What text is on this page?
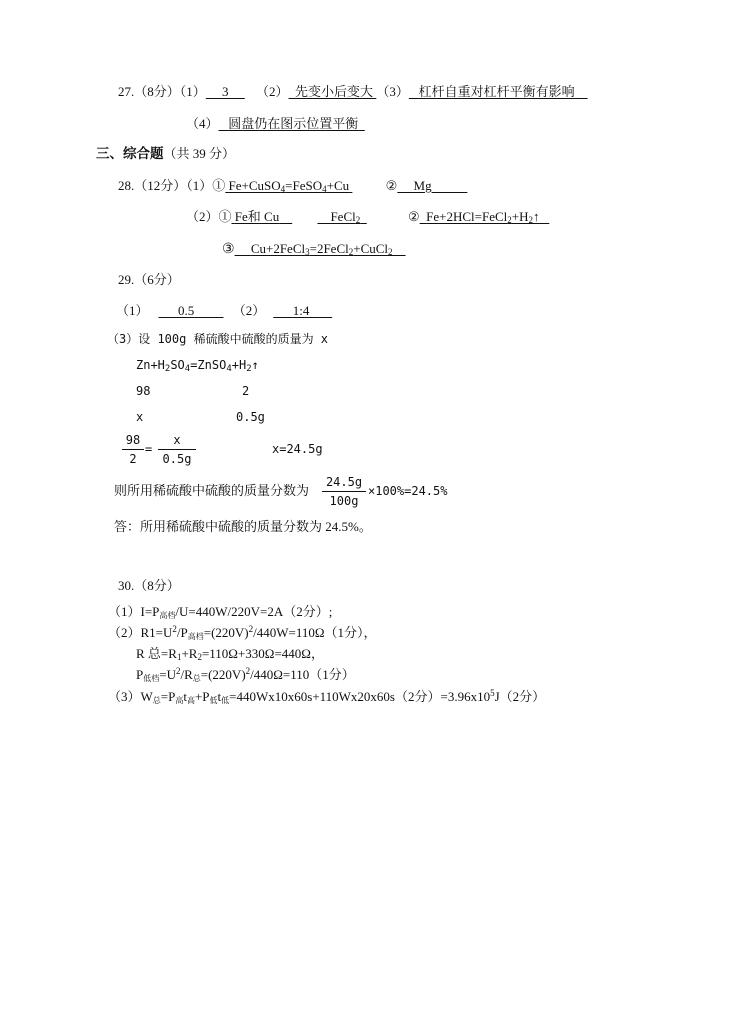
27.（8分）（1） 3 （2） 先变小后变大 （3） 杠杆自重对杠杆平衡有影响
（4） 圆盘仍在图示位置平衡
三、综合题（共 39 分）
28.（12分）（1）① Fe+CuSO$_4$=FeSO$_4$+Cu	② Mg
（2）① Fe和 Cu	FeCl$_2$	② $Fe+2HCl=FeCl_2+H_2↑$
③ Cu+2FeCl$_3$=2FeCl$_2$+CuCl$_2$
29.（6分）
（1） 0.5	（2） 1:4
（3）设 100g 稀硫酸中硫酸的质量为 x
$Zn+H_2SO_4=ZnSO_4+H_2↑$
98	2
x	0.5g
98
2
=
x
0.5g
x=24.5g
则所用稀硫酸中硫酸的质量分数为
24.5g
100g
×100%=24.5%
答：所用稀硫酸中硫酸的质量分数为 24.5%。
30.（8分）
（1）I=P高档/U=440W/220V=2A（2分）;
$(2)R1=U^2/P$高档$=(220V)^2/440W=110\Omega(1$分），
R 总$=R_1+R_2=110\Omega+330\Omega=440\Omega$，
P低档$=U^2/R$总$=(220V)^2/440\Omega=110(1$分）
（3）W总=P高t高+P低t低=440Wx10x60s+110Wx20x60s（2分）$=3.96x10^5J(2$分）
